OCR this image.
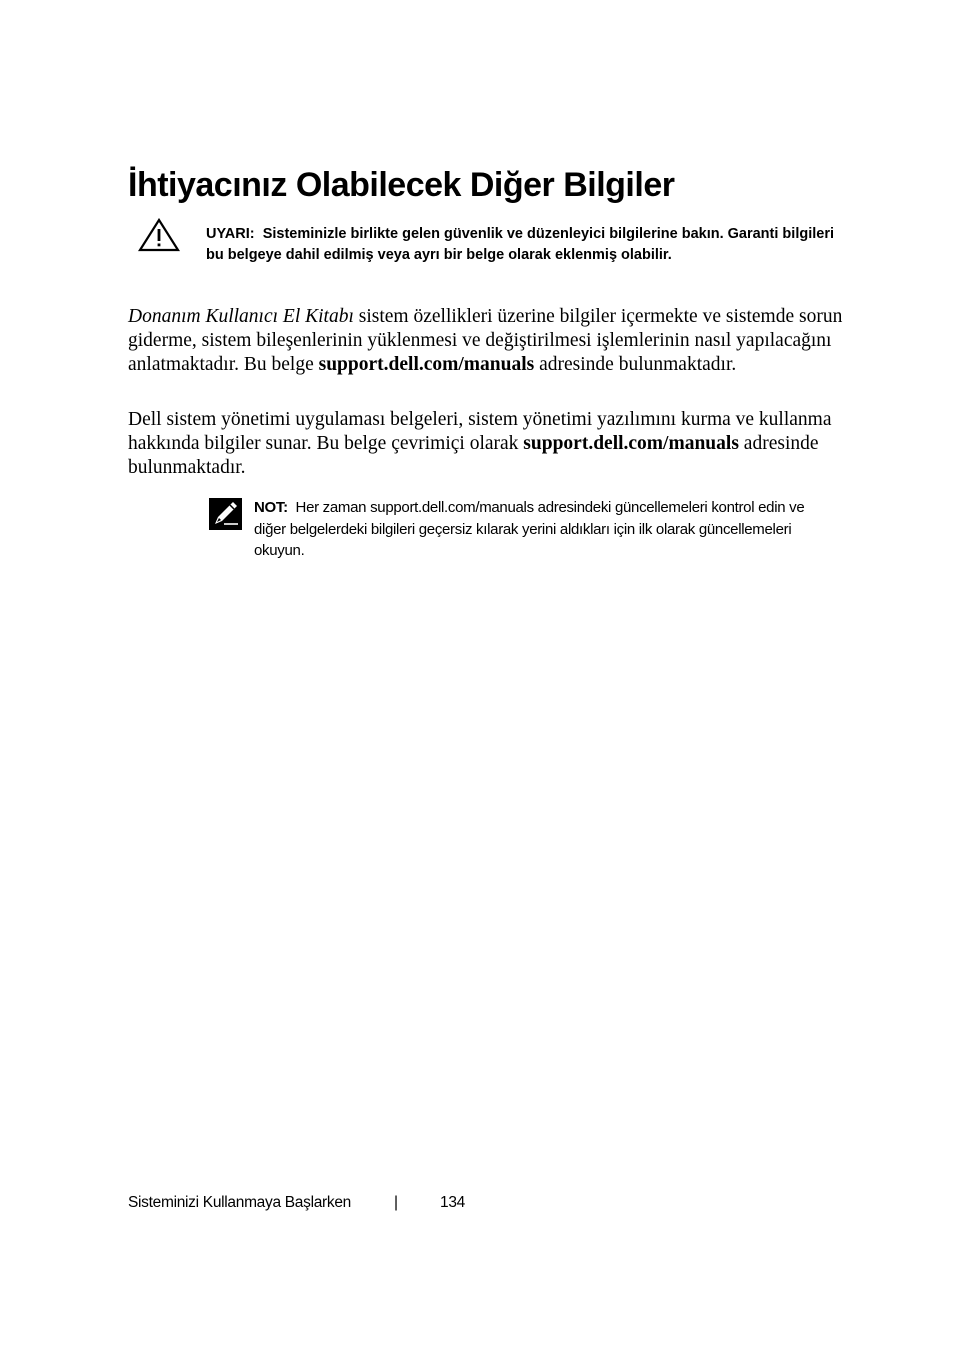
İhtiyacınız Olabilecek Diğer Bilgiler
UYARI: Sisteminizle birlikte gelen güvenlik ve düzenleyici bilgilerine bakın. Garanti bilgileri bu belgeye dahil edilmiş veya ayrı bir belge olarak eklenmiş olabilir.

Donanım Kullanıcı El Kitabı sistem özellikleri üzerine bilgiler içermekte ve sistemde sorun giderme, sistem bileşenlerinin yüklenmesi ve değiştirilmesi işlemlerinin nasıl yapılacağını anlatmaktadır. Bu belge support.dell.com/manuals adresinde bulunmaktadır.

Dell sistem yönetimi uygulaması belgeleri, sistem yönetimi yazılımını kurma ve kullanma hakkında bilgiler sunar. Bu belge çevrimiçi olarak support.dell.com/manuals adresinde bulunmaktadır.

NOT: Her zaman support.dell.com/manuals adresindeki güncellemeleri kontrol edin ve diğer belgelerdeki bilgileri geçersiz kılarak yerini aldıkları için ilk olarak güncellemeleri okuyun.
Sisteminizi Kullanmaya Başlarken	|	134
